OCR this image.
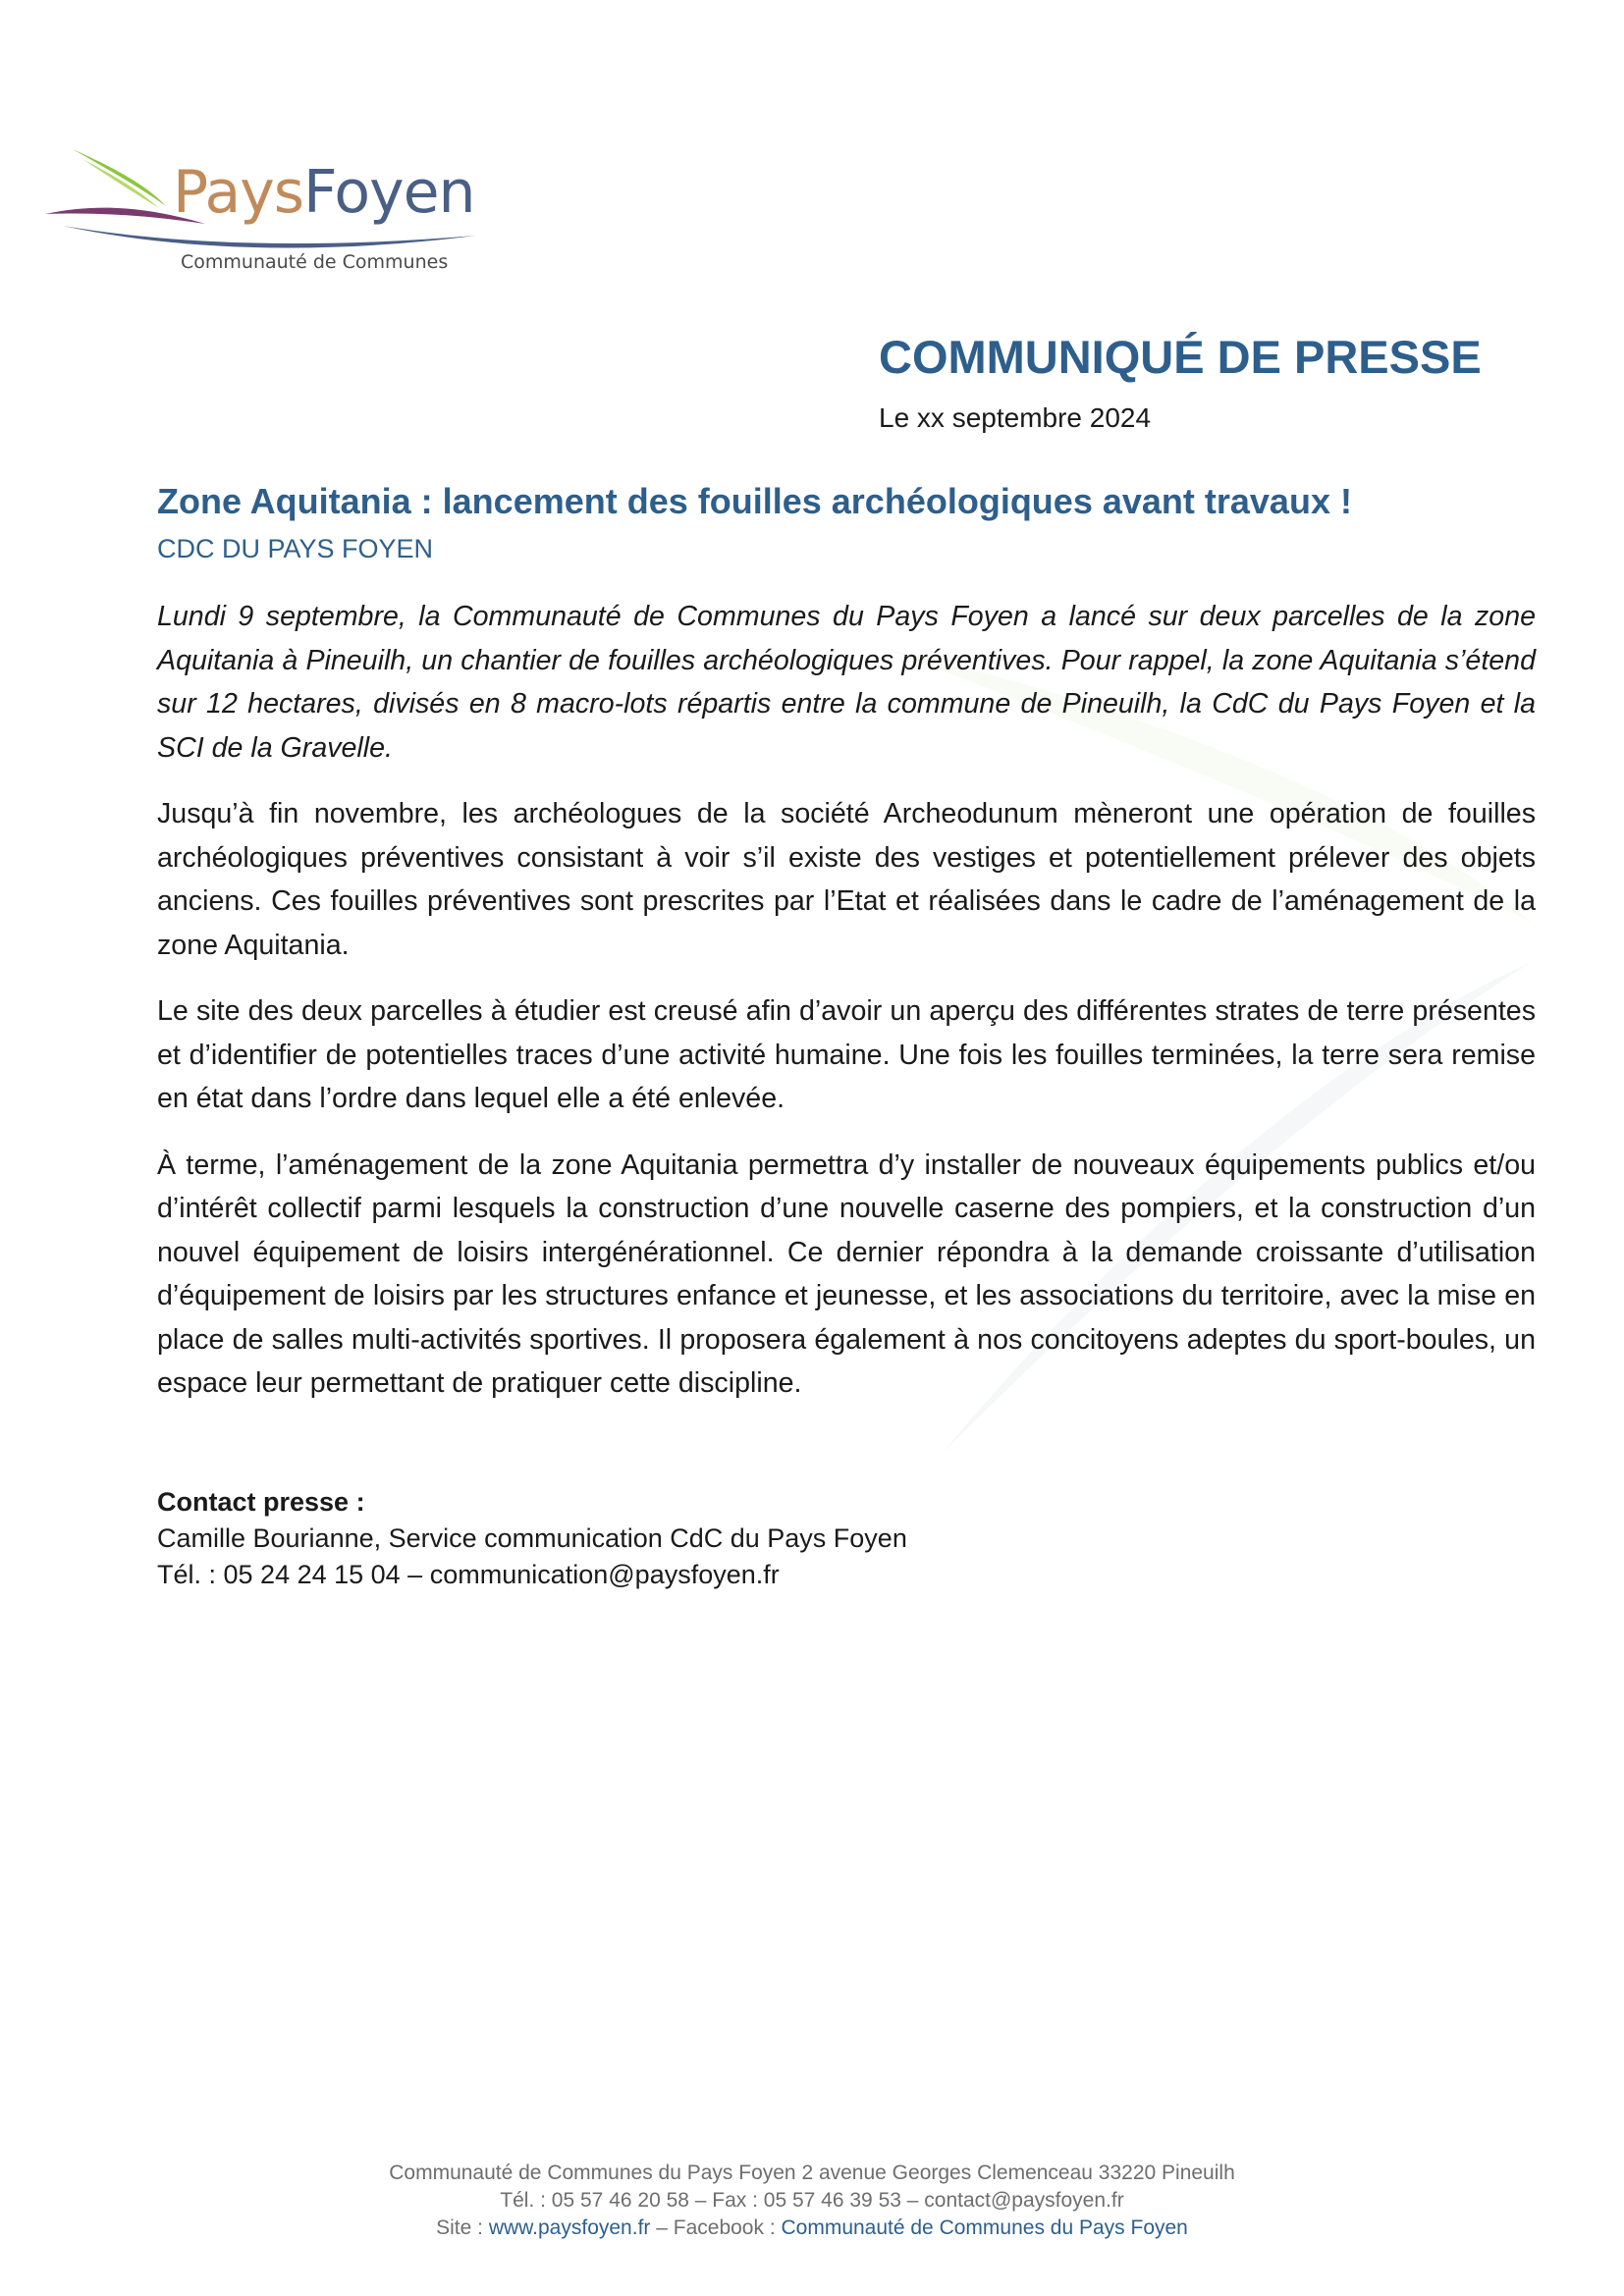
PaysFoyen
Communauté de Communes
COMMUNIQUÉ DE PRESSE
Le xx septembre 2024
Zone Aquitania : lancement des fouilles archéologiques avant travaux !
CDC DU PAYS FOYEN

Lundi 9 septembre, la Communauté de Communes du Pays Foyen a lancé sur deux parcelles de la zone Aquitania à Pineuilh, un chantier de fouilles archéologiques préventives. Pour rappel, la zone Aquitania s’étend sur 12 hectares, divisés en 8 macro-lots répartis entre la commune de Pineuilh, la CdC du Pays Foyen et la SCI de la Gravelle.

Jusqu’à fin novembre, les archéologues de la société Archeodunum mèneront une opération de fouilles archéologiques préventives consistant à voir s’il existe des vestiges et potentiellement prélever des objets anciens. Ces fouilles préventives sont prescrites par l’Etat et réalisées dans le cadre de l’aménagement de la zone Aquitania.

Le site des deux parcelles à étudier est creusé afin d’avoir un aperçu des différentes strates de terre présentes et d’identifier de potentielles traces d’une activité humaine. Une fois les fouilles terminées, la terre sera remise en état dans l’ordre dans lequel elle a été enlevée.

À terme, l’aménagement de la zone Aquitania permettra d’y installer de nouveaux équipements publics et/ou d’intérêt collectif parmi lesquels la construction d’une nouvelle caserne des pompiers, et la construction d’un nouvel équipement de loisirs intergénérationnel. Ce dernier répondra à la demande croissante d’utilisation d’équipement de loisirs par les structures enfance et jeunesse, et les associations du territoire, avec la mise en place de salles multi-activités sportives. Il proposera également à nos concitoyens adeptes du sport-boules, un espace leur permettant de pratiquer cette discipline.

Contact presse :
Camille Bourianne, Service communication CdC du Pays Foyen
Tél. : 05 24 24 15 04 – communication@paysfoyen.fr
Communauté de Communes du Pays Foyen 2 avenue Georges Clemenceau 33220 Pineuilh
Tél. : 05 57 46 20 58 – Fax : 05 57 46 39 53 – contact@paysfoyen.fr
Site : www.paysfoyen.fr – Facebook : Communauté de Communes du Pays Foyen
